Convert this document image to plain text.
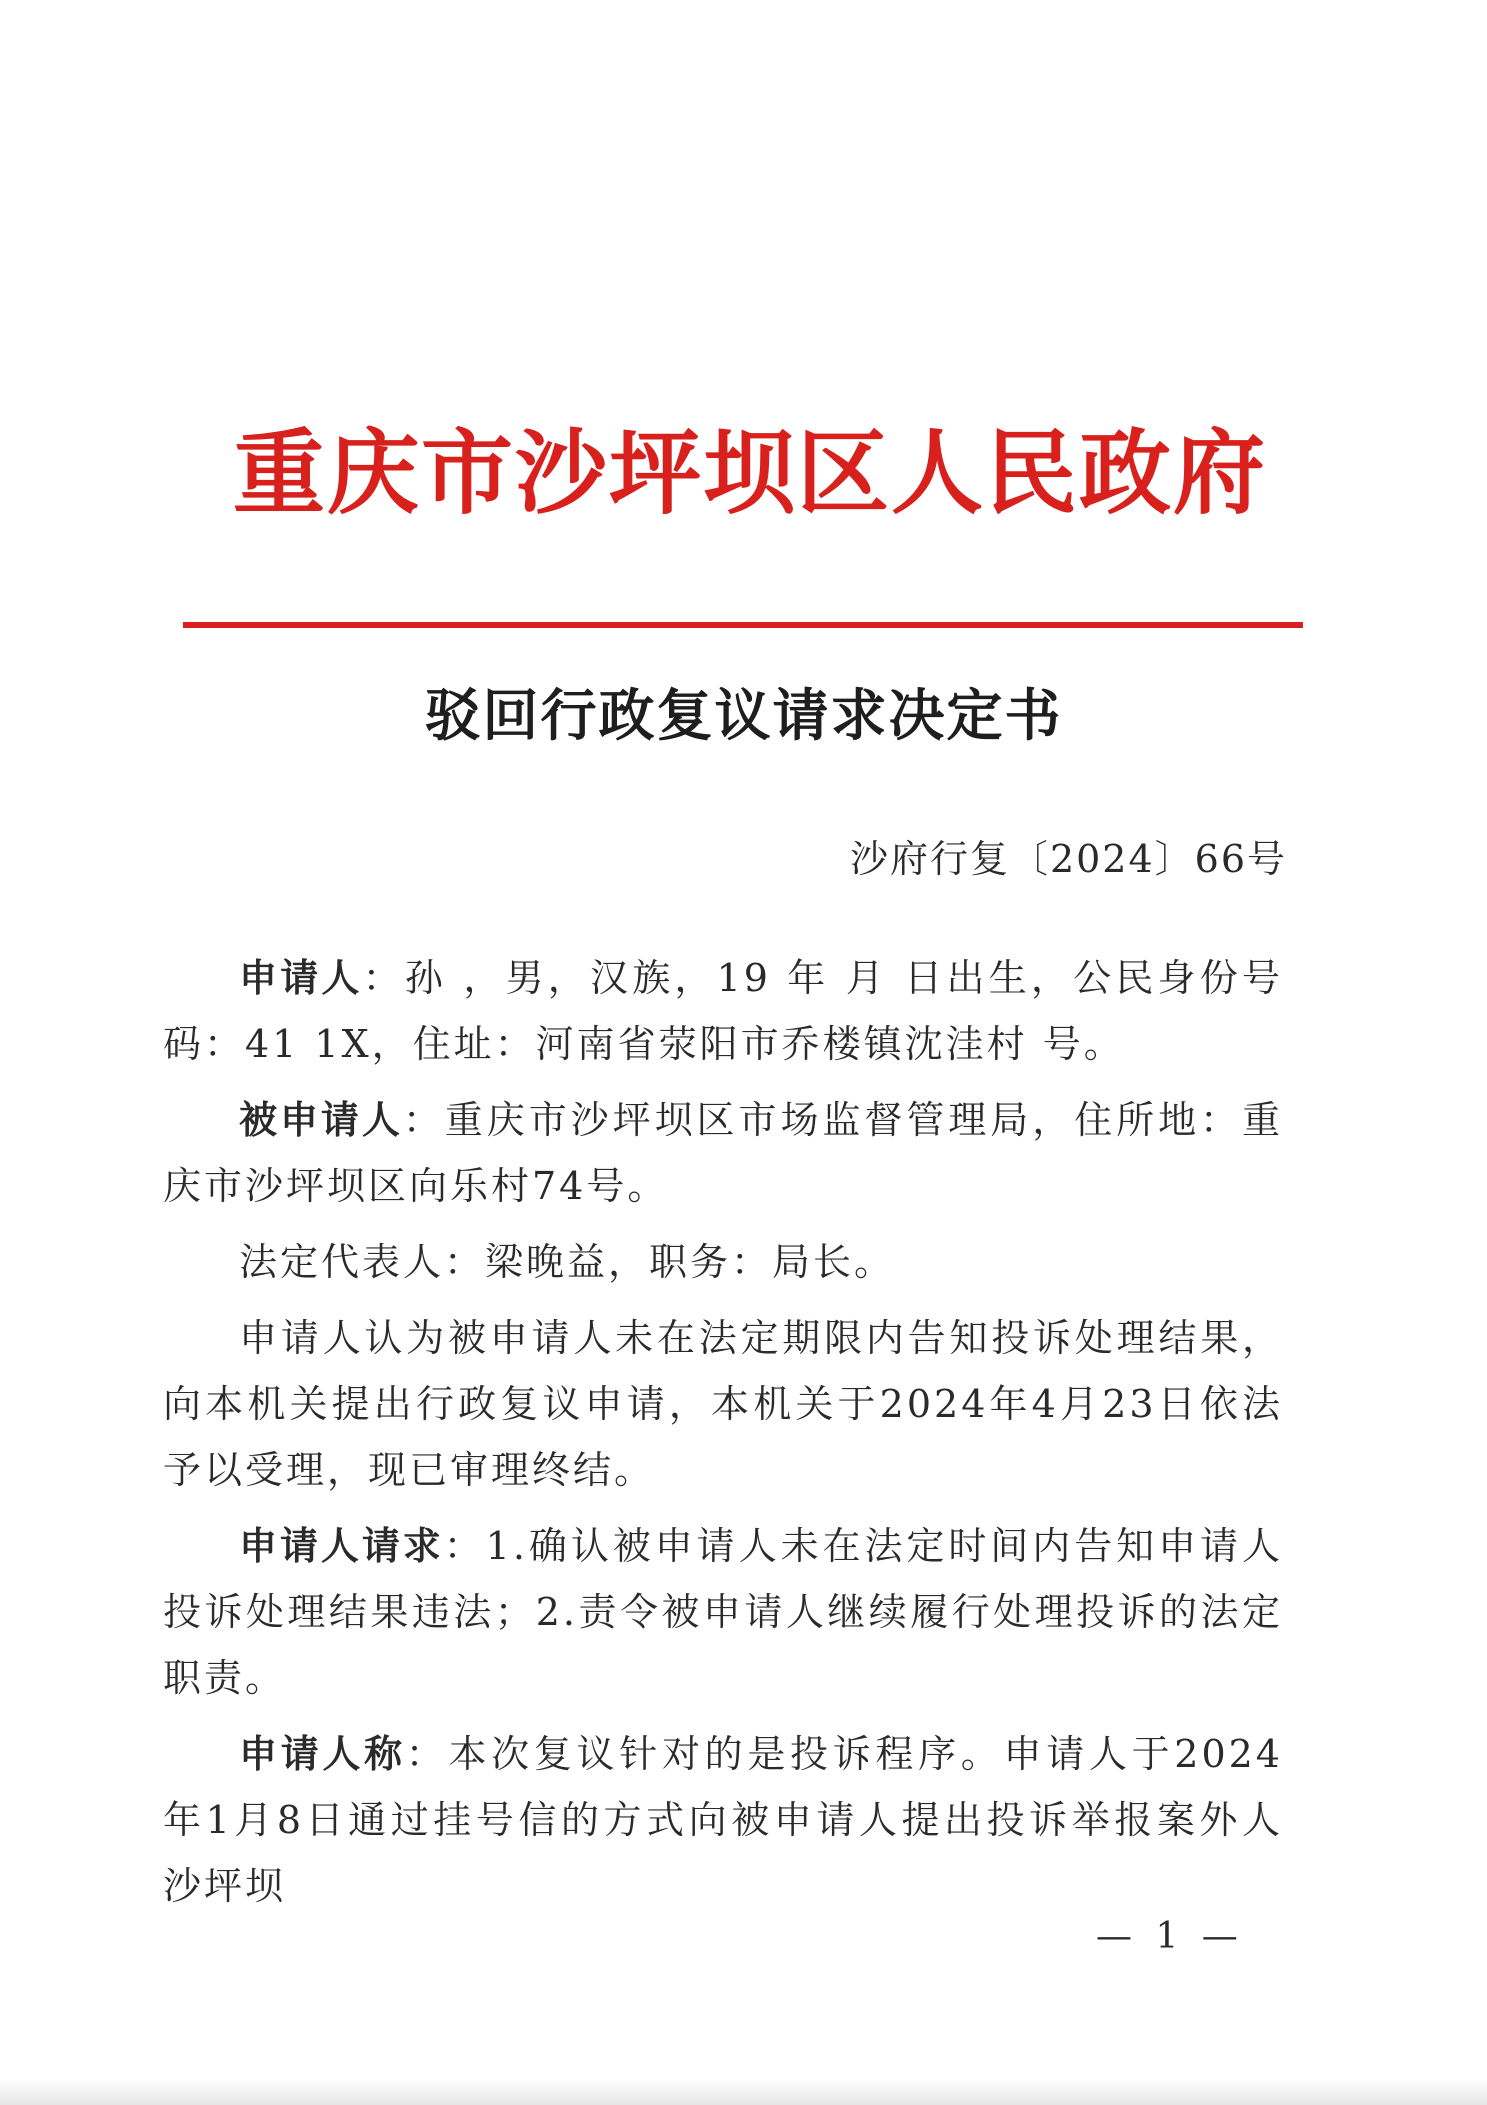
重庆市沙坪坝区人民政府
驳回行政复议请求决定书
沙府行复〔2024〕66号

申请人：孙 ，男，汉族，19 年 月 日出生，公民身份号码：41 1X，住址：河南省荥阳市乔楼镇沈洼村 号。

被申请人：重庆市沙坪坝区市场监督管理局，住所地：重庆市沙坪坝区向乐村74号。

法定代表人：梁晚益，职务：局长。

申请人认为被申请人未在法定期限内告知投诉处理结果，向本机关提出行政复议申请，本机关于2024年4月23日依法予以受理，现已审理终结。

申请人请求：1.确认被申请人未在法定时间内告知申请人投诉处理结果违法；2.责令被申请人继续履行处理投诉的法定职责。

申请人称：本次复议针对的是投诉程序。申请人于2024年1月8日通过挂号信的方式向被申请人提出投诉举报案外人沙坪坝

— 1 —
